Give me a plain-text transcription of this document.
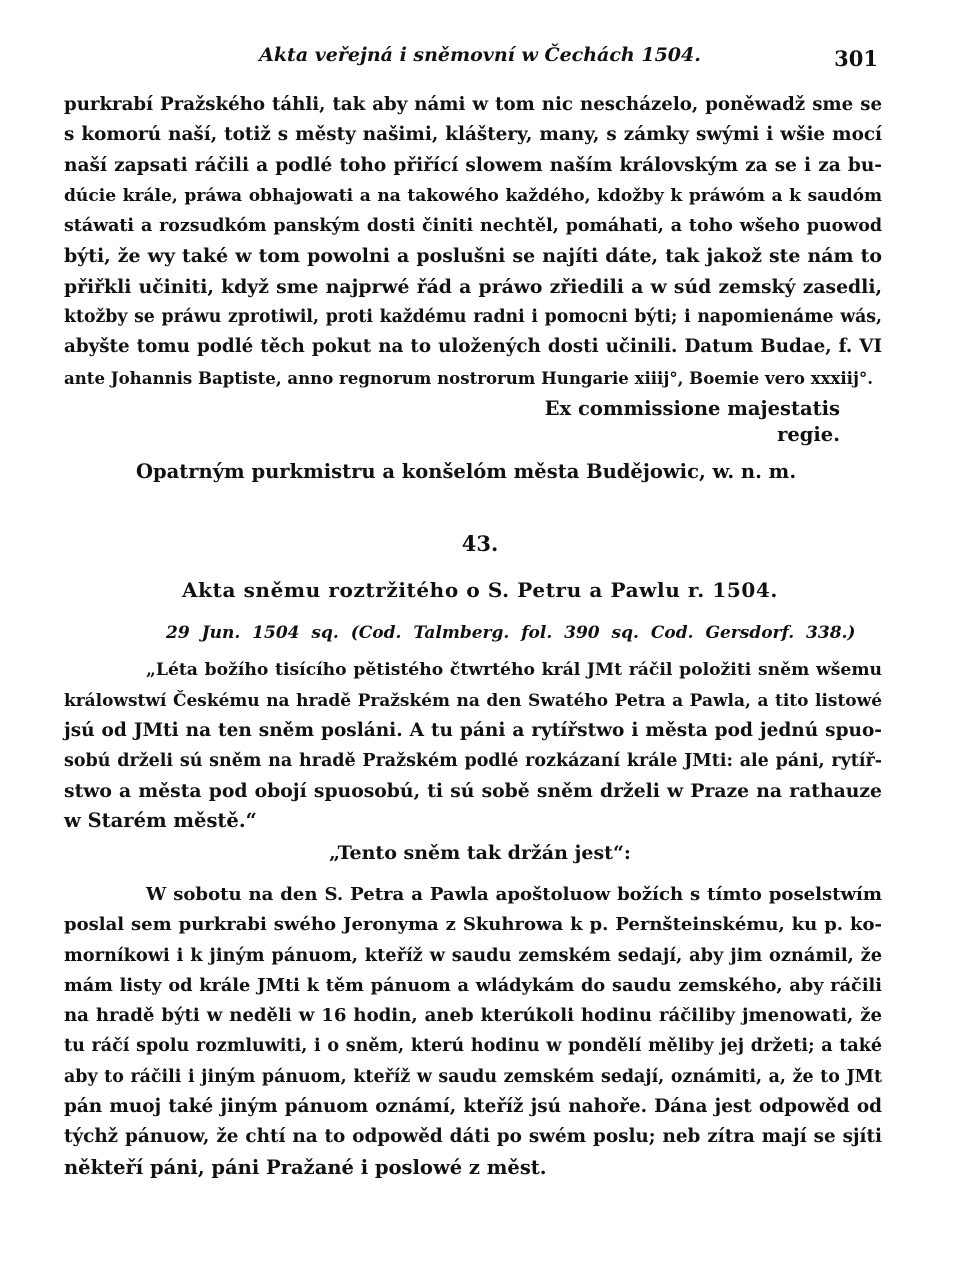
Akta veřejná i sněmovní w Čechách 1504.	301
purkrabí Pražského táhli, tak aby námi w tom nic nescházelo, poněwadž sme se
s komorú naší, totiž s městy našimi, kláštery, many, s zámky swými i wšie mocí
naší zapsati ráčili a podlé toho přiřící slowem naším královským za se i za bu-
dúcie krále, práwa obhajowati a na takowého každého, kdožby k práwóm a k saudóm
stáwati a rozsudkóm panským dosti činiti nechtěl, pomáhati, a toho wšeho puowod
býti, že wy také w tom powolni a poslušni se najíti dáte, tak jakož ste nám to
přiřkli učiniti, když sme najprwé řád a práwo zřiedili a w súd zemský zasedli,
ktožby se práwu zprotiwil, proti každému radni i pomocni býti; i napomienáme wás,
abyšte tomu podlé těch pokut na to uložených dosti učinili. Datum Budae, f. VI
ante Johannis Baptiste, anno regnorum nostrorum Hungarie xiiij°, Boemie vero xxxiij°.
Ex commissione majestatis
regie.
Opatrným purkmistru a konšelóm města Budějowic, w. n. m.
43.
Akta sněmu roztržitého o S. Petru a Pawlu r. 1504.
29 Jun. 1504 sq. (Cod. Talmberg. fol. 390 sq. Cod. Gersdorf. 338.)
„Léta božího tisícího pětistého čtwrtého král JMt ráčil položiti sněm wšemu
králowstwí Českému na hradě Pražském na den Swatého Petra a Pawla, a tito listowé
jsú od JMti na ten sněm posláni. A tu páni a rytířstwo i města pod jednú spuo-
sobú drželi sú sněm na hradě Pražském podlé rozkázaní krále JMti: ale páni, rytíř-
stwo a města pod obojí spuosobú, ti sú sobě sněm drželi w Praze na rathauze
w Starém městě.“
„Tento sněm tak držán jest“:
W sobotu na den S. Petra a Pawla apoštoluow božích s tímto poselstwím
poslal sem purkrabi swého Jeronyma z Skuhrowa k p. Pernšteinskému, ku p. ko-
morníkowi i k jiným pánuom, kteříž w saudu zemském sedají, aby jim oznámil, že
mám listy od krále JMti k těm pánuom a wládykám do saudu zemského, aby ráčili
na hradě býti w neděli w 16 hodin, aneb kterúkoli hodinu ráčiliby jmenowati, že
tu ráčí spolu rozmluwiti, i o sněm, kterú hodinu w pondělí měliby jej držeti; a také
aby to ráčili i jiným pánuom, kteříž w saudu zemském sedají, oznámiti, a, že to JMt
pán muoj také jiným pánuom oznámí, kteříž jsú nahoře. Dána jest odpowěd od
týchž pánuow, že chtí na to odpowěd dáti po swém poslu; neb zítra mají se sjíti
někteří páni, páni Pražané i poslowé z měst.
